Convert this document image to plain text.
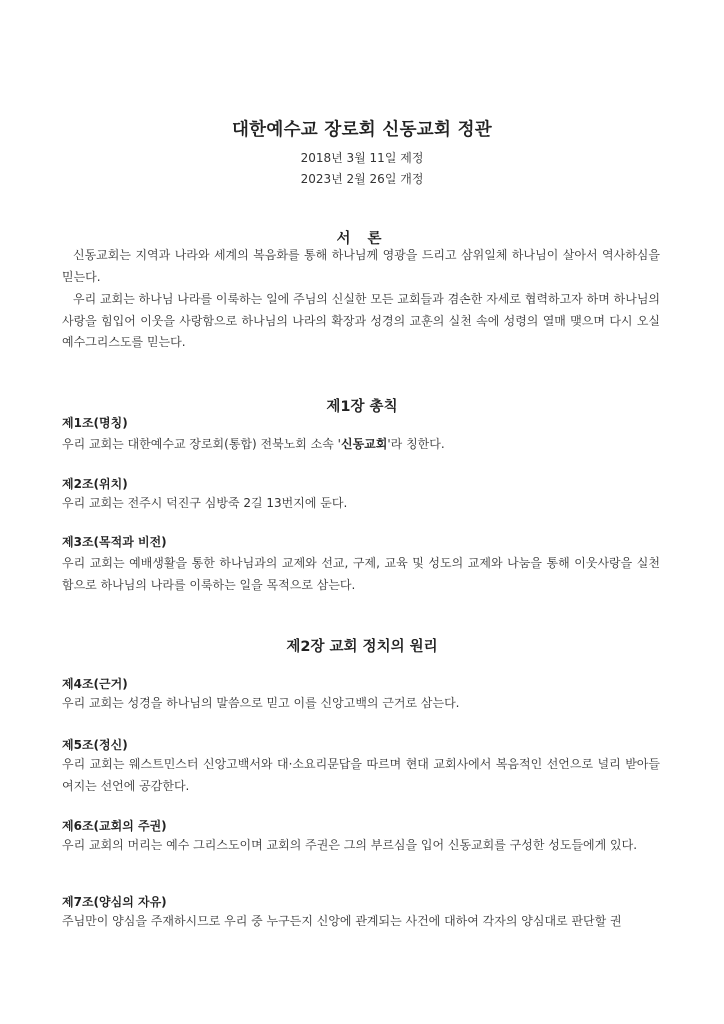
대한예수교 장로회 신동교회 정관
2018년 3월 11일 제정
2023년 2월 26일 개정
서 론
신동교회는 지역과 나라와 세계의 복음화를 통해 하나님께 영광을 드리고 삼위일체 하나님이 살아서 역사하심을 믿는다.
우리 교회는 하나님 나라를 이룩하는 일에 주님의 신실한 모든 교회들과 겸손한 자세로 협력하고자 하며 하나님의 사랑을 힘입어 이웃을 사랑함으로 하나님의 나라의 확장과 성경의 교훈의 실천 속에 성령의 열매 맺으며 다시 오실 예수그리스도를 믿는다.
제1장 총칙
제1조(명칭)
우리 교회는 대한예수교 장로회(통합) 전북노회 소속 '신동교회'라 칭한다.
제2조(위치)
우리 교회는 전주시 덕진구 심방죽 2길 13번지에 둔다.
제3조(목적과 비전)
우리 교회는 예배생활을 통한 하나님과의 교제와 선교, 구제, 교육 및 성도의 교제와 나눔을 통해 이웃사랑을 실천함으로 하나님의 나라를 이룩하는 일을 목적으로 삼는다.
제2장 교회 정치의 원리
제4조(근거)
우리 교회는 성경을 하나님의 말씀으로 믿고 이를 신앙고백의 근거로 삼는다.
제5조(정신)
우리 교회는 웨스트민스터 신앙고백서와 대·소요리문답을 따르며 현대 교회사에서 복음적인 선언으로 널리 받아들여지는 선언에 공감한다.
제6조(교회의 주권)
우리 교회의 머리는 예수 그리스도이며 교회의 주권은 그의 부르심을 입어 신동교회를 구성한 성도들에게 있다.
제7조(양심의 자유)
주님만이 양심을 주재하시므로 우리 중 누구든지 신앙에 관계되는 사건에 대하여 각자의 양심대로 판단할 권
